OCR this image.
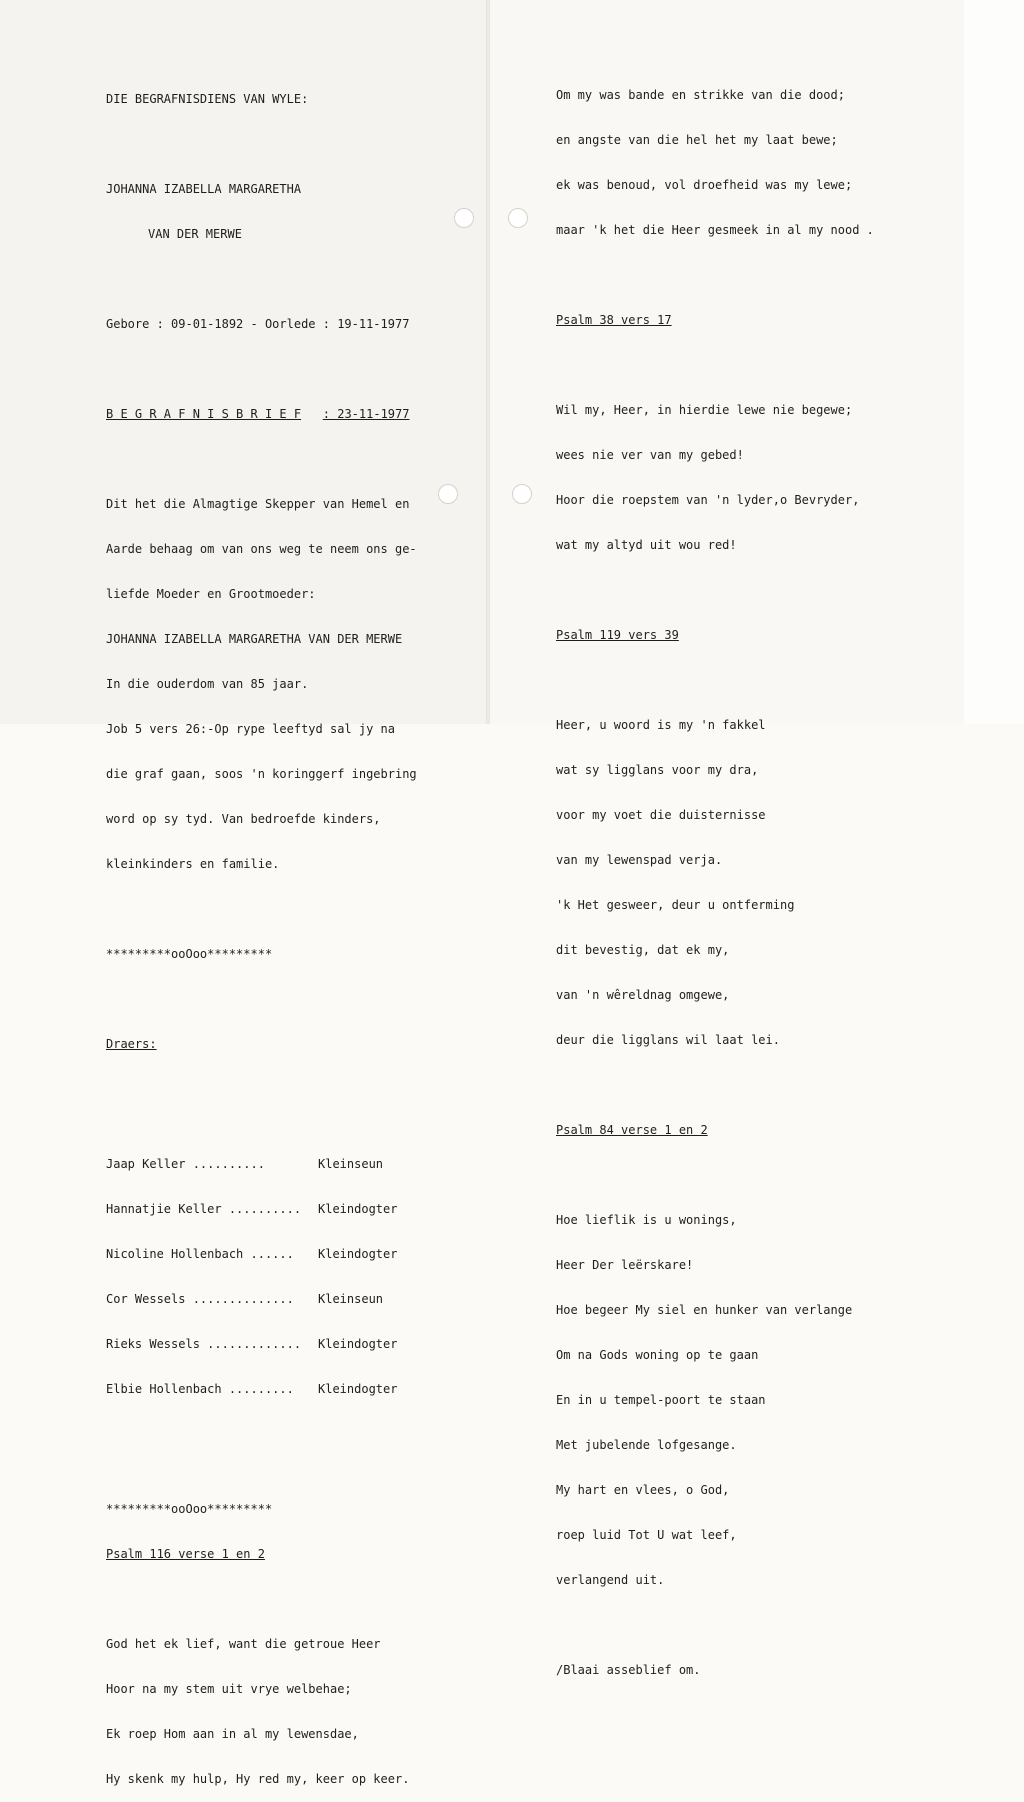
DIE BEGRAFNISDIENS VAN WYLE:

JOHANNA IZABELLA MARGARETHA

VAN DER MERWE

Gebore : 09-01-1892 - Oorlede : 19-11-1977

B E G R A F N I S B R I E F : 23-11-1977

Dit het die Almagtige Skepper van Hemel en

Aarde behaag om van ons weg te neem ons ge-

liefde Moeder en Grootmoeder:

JOHANNA IZABELLA MARGARETHA VAN DER MERWE

In die ouderdom van 85 jaar.

Job 5 vers 26:-Op rype leeftyd sal jy na

die graf gaan, soos 'n koringgerf ingebring

word op sy tyd. Van bedroefde kinders,

kleinkinders en familie.

*********ooOoo*********

Draers:

Jaap Keller ..........	Kleinseun

Hannatjie Keller .......... Kleindogter

Nicoline Hollenbach ...... Kleindogter

Cor Wessels .............. Kleinseun

Rieks Wessels ............. Kleindogter

Elbie Hollenbach ......... Kleindogter

*********ooOoo*********

Psalm 116 verse 1 en 2

God het ek lief, want die getroue Heer

Hoor na my stem uit vrye welbehae;

Ek roep Hom aan in al my lewensdae,

Hy skenk my hulp, Hy red my, keer op keer.

Om my was bande en strikke van die dood;

en angste van die hel het my laat bewe;

ek was benoud, vol droefheid was my lewe;

maar 'k het die Heer gesmeek in al my nood .

Psalm 38 vers 17

Wil my, Heer, in hierdie lewe nie begewe;

wees nie ver van my gebed!

Hoor die roepstem van 'n lyder,o Bevryder,

wat my altyd uit wou red!

Psalm 119 vers 39

Heer, u woord is my 'n fakkel

wat sy ligglans voor my dra,

voor my voet die duisternisse

van my lewenspad verja.

'k Het gesweer, deur u ontferming

dit bevestig, dat ek my,

van 'n wêreldnag omgewe,

deur die ligglans wil laat lei.

Psalm 84 verse 1 en 2

Hoe lieflik is u wonings,

Heer Der leërskare!

Hoe begeer My siel en hunker van verlange

Om na Gods woning op te gaan

En in u tempel-poort te staan

Met jubelende lofgesange.

My hart en vlees, o God,

roep luid Tot U wat leef,

verlangend uit.

/Blaai asseblief om.
